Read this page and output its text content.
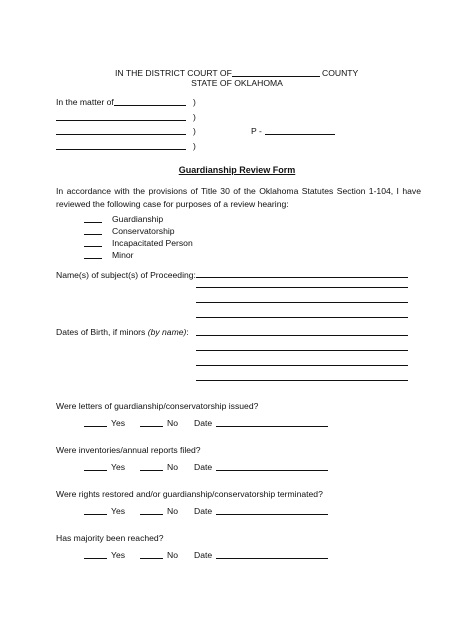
IN THE DISTRICT COURT OF	COUNTY
STATE OF OKLAHOMA
In the matter of	)
)
)	P -
)
Guardianship Review Form
In accordance with the provisions of Title 30 of the Oklahoma Statutes Section 1-104, I have reviewed the following case for purposes of a review hearing:
Guardianship
Conservatorship
Incapacitated Person
Minor
Name(s) of subject(s) of Proceeding:
Dates of Birth, if minors (by name):
Were letters of guardianship/conservatorship issued?
Yes	No Date
Were inventories/annual reports filed?
Yes	No Date
Were rights restored and/or guardianship/conservatorship terminated?
Yes	No Date
Has majority been reached?
Yes	No Date
